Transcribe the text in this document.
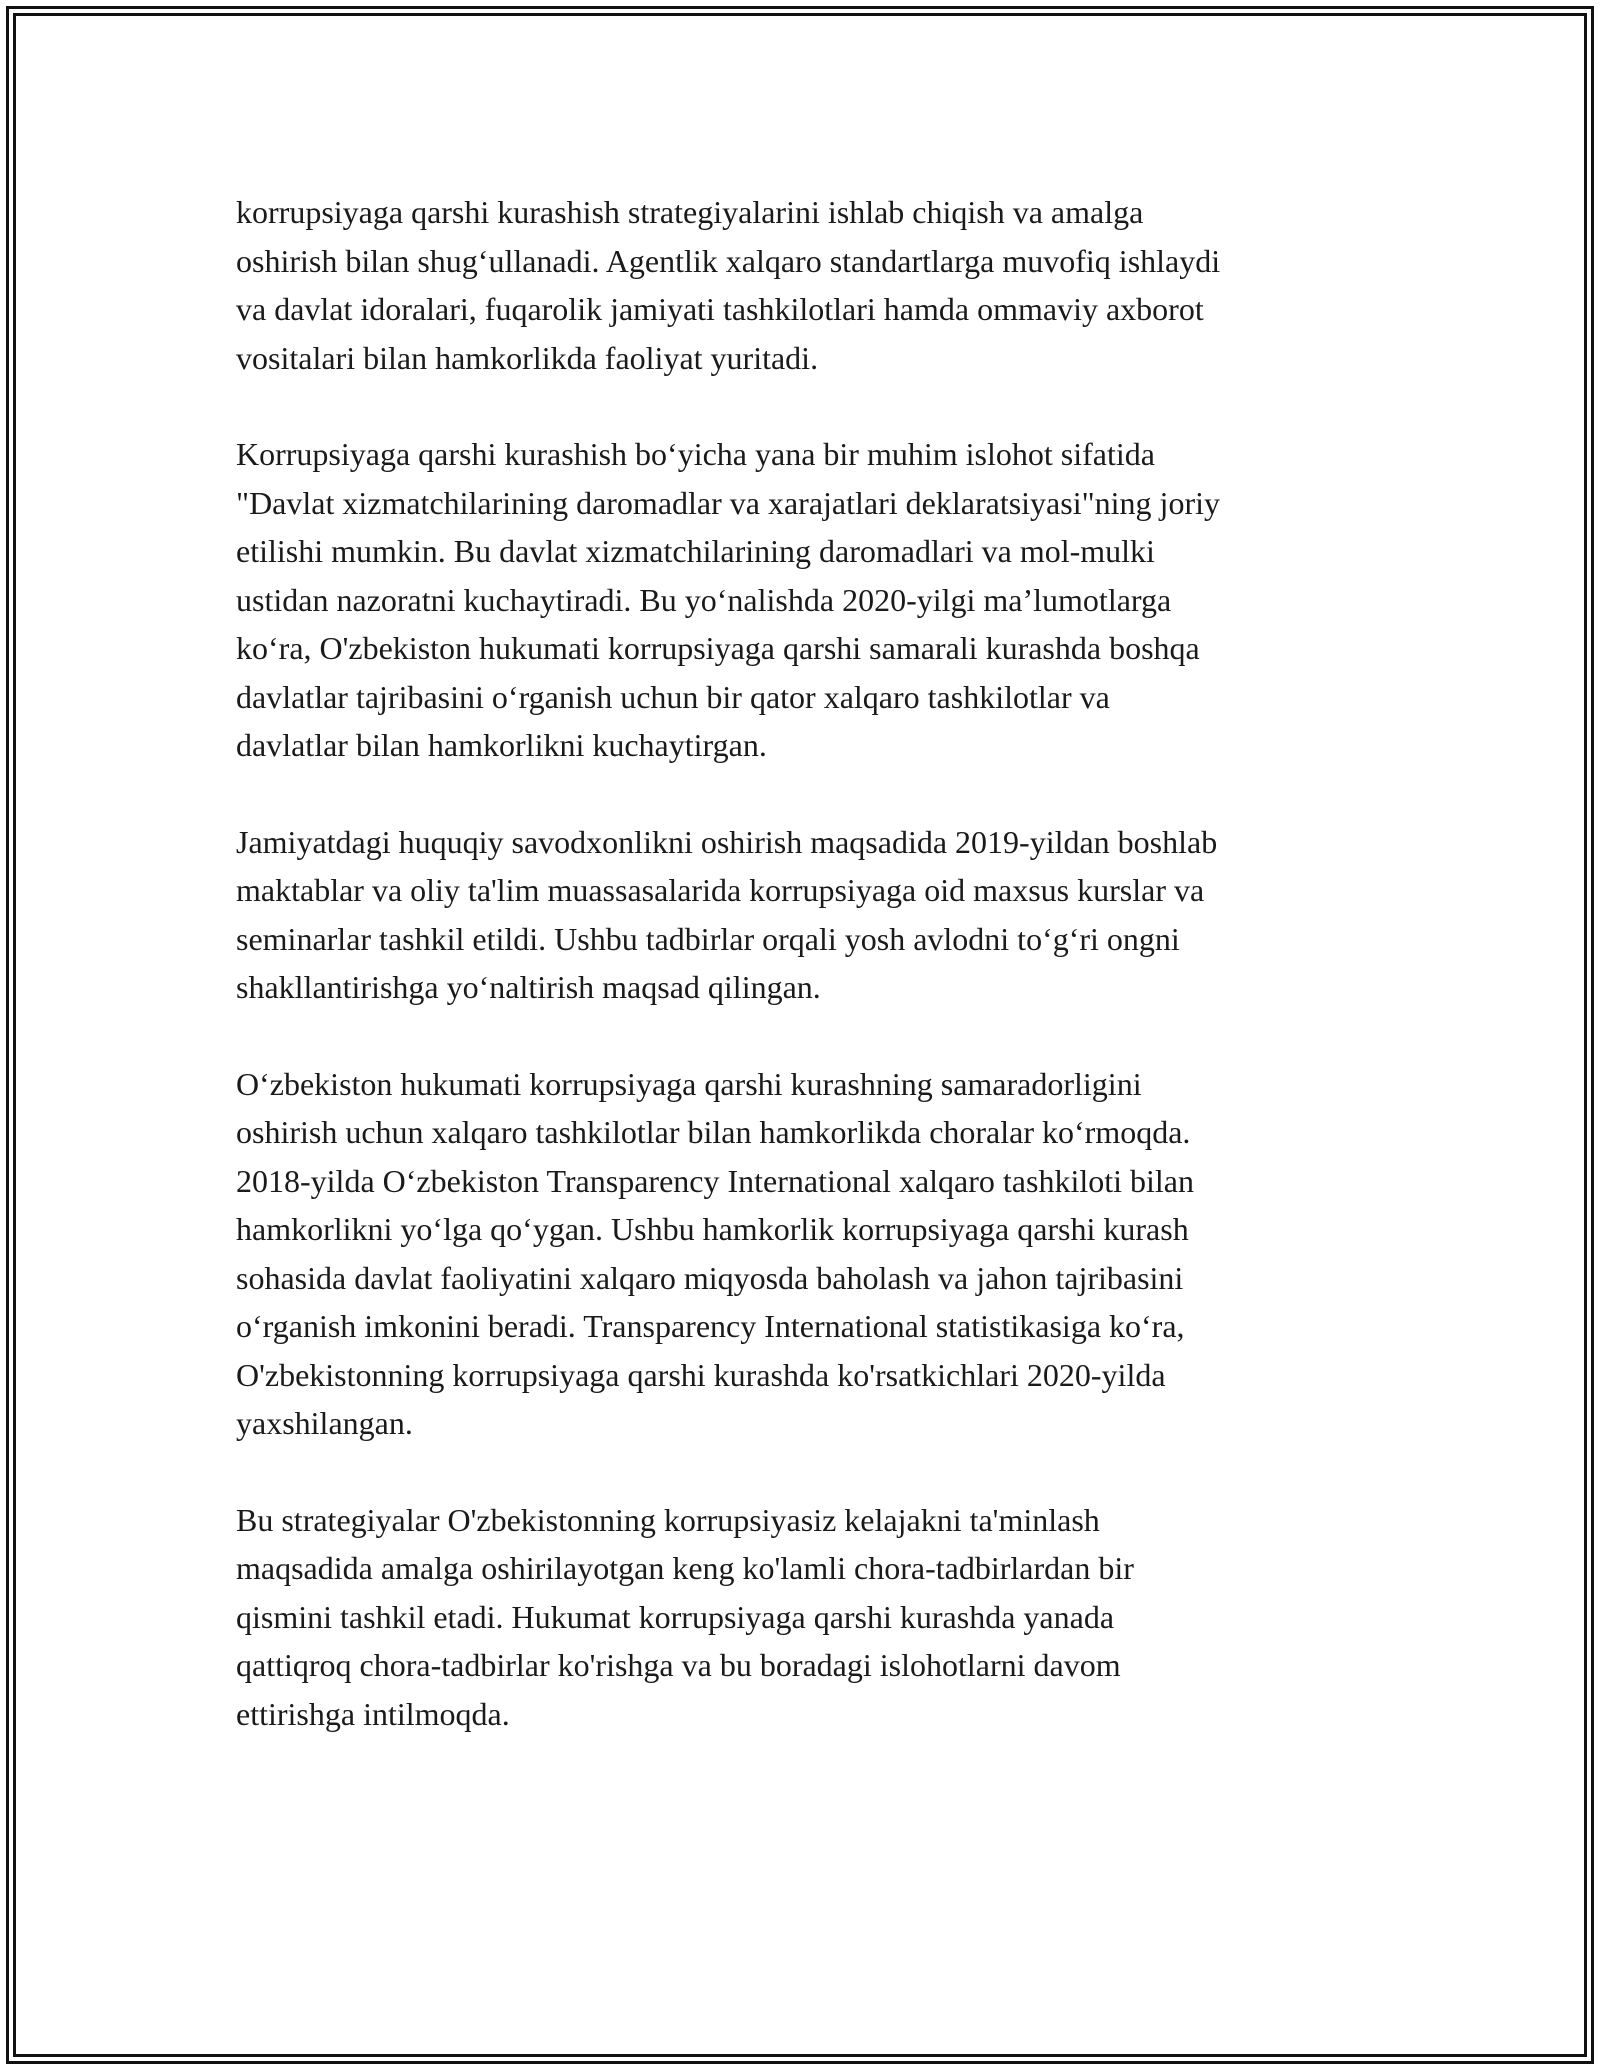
korrupsiyaga qarshi kurashish strategiyalarini ishlab chiqish va amalga
oshirish bilan shug‘ullanadi. Agentlik xalqaro standartlarga muvofiq ishlaydi
va davlat idoralari, fuqarolik jamiyati tashkilotlari hamda ommaviy axborot
vositalari bilan hamkorlikda faoliyat yuritadi.

Korrupsiyaga qarshi kurashish bo‘yicha yana bir muhim islohot sifatida
"Davlat xizmatchilarining daromadlar va xarajatlari deklaratsiyasi"ning joriy
etilishi mumkin. Bu davlat xizmatchilarining daromadlari va mol-mulki
ustidan nazoratni kuchaytiradi. Bu yo‘nalishda 2020-yilgi ma’lumotlarga
ko‘ra, O'zbekiston hukumati korrupsiyaga qarshi samarali kurashda boshqa
davlatlar tajribasini o‘rganish uchun bir qator xalqaro tashkilotlar va
davlatlar bilan hamkorlikni kuchaytirgan.

Jamiyatdagi huquqiy savodxonlikni oshirish maqsadida 2019-yildan boshlab
maktablar va oliy ta'lim muassasalarida korrupsiyaga oid maxsus kurslar va
seminarlar tashkil etildi. Ushbu tadbirlar orqali yosh avlodni to‘g‘ri ongni
shakllantirishga yo‘naltirish maqsad qilingan.

O‘zbekiston hukumati korrupsiyaga qarshi kurashning samaradorligini
oshirish uchun xalqaro tashkilotlar bilan hamkorlikda choralar ko‘rmoqda.
2018-yilda O‘zbekiston Transparency International xalqaro tashkiloti bilan
hamkorlikni yo‘lga qo‘ygan. Ushbu hamkorlik korrupsiyaga qarshi kurash
sohasida davlat faoliyatini xalqaro miqyosda baholash va jahon tajribasini
o‘rganish imkonini beradi. Transparency International statistikasiga ko‘ra,
O'zbekistonning korrupsiyaga qarshi kurashda ko'rsatkichlari 2020-yilda
yaxshilangan.

Bu strategiyalar O'zbekistonning korrupsiyasiz kelajakni ta'minlash
maqsadida amalga oshirilayotgan keng ko'lamli chora-tadbirlardan bir
qismini tashkil etadi. Hukumat korrupsiyaga qarshi kurashda yanada
qattiqroq chora-tadbirlar ko'rishga va bu boradagi islohotlarni davom
ettirishga intilmoqda.
